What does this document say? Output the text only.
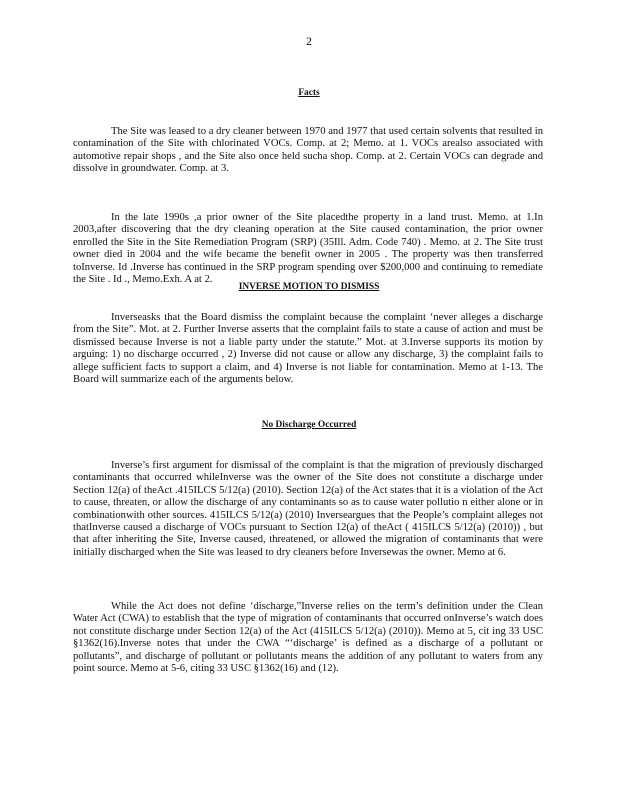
2

Facts

The Site was leased to a dry cleaner between 1970 and 1977 that used certain solvents that resulted in contamination of the Site with chlorinated VOCs. Comp. at 2; Memo. at 1. VOCs arealso associated with automotive repair shops , and the Site also once held sucha shop. Comp. at 2. Certain VOCs can degrade and dissolve in groundwater. Comp. at 3.

In the late 1990s ,a prior owner of the Site placedthe property in a land trust. Memo. at 1.In 2003,after discovering that the dry cleaning operation at the Site caused contamination, the prior owner enrolled the Site in the Site Remediation Program (SRP) (35Ill. Adm. Code 740) . Memo. at 2. The Site trust owner died in 2004 and the wife became the benefit owner in 2005 . The property was then transferred toInverse. Id .Inverse has continued in the SRP program spending over $200,000 and continuing to remediate the Site . Id ., Memo.Exh. A at 2.

INVERSE MOTION TO DISMISS

Inverseasks that the Board dismiss the complaint because the complaint ‘never alleges a discharge from the Site”. Mot. at 2. Further Inverse asserts that the complaint fails to state a cause of action and must be dismissed because Inverse is not a liable party under the statute.” Mot. at 3.Inverse supports its motion by arguing: 1) no discharge occurred , 2) Inverse did not cause or allow any discharge, 3) the complaint fails to allege sufficient facts to support a claim, and 4) Inverse is not liable for contamination. Memo at 1-13. The Board will summarize each of the arguments below.

No Discharge Occurred

Inverse’s first argument for dismissal of the complaint is that the migration of previously discharged contaminants that occurred whileInverse was the owner of the Site does not constitute a discharge under Section 12(a) of theAct .415ILCS 5/12(a) (2010). Section 12(a) of the Act states that it is a violation of the Act to cause, threaten, or allow the discharge of any contaminants so as to cause water pollutio n either alone or in combinationwith other sources. 415ILCS 5/12(a) (2010) Inverseargues that the People’s complaint alleges not thatInverse caused a discharge of VOCs pursuant to Section 12(a) of theAct ( 415ILCS 5/12(a) (2010)) , but that after inheriting the Site, Inverse caused, threatened, or allowed the migration of contaminants that were initially discharged when the Site was leased to dry cleaners before Inversewas the owner. Memo at 6.

While the Act does not define ‘discharge,”Inverse relies on the term’s definition under the Clean Water Act (CWA) to establish that the type of migration of contaminants that occurred onInverse’s watch does not constitute discharge under Section 12(a) of the Act (415ILCS 5/12(a) (2010)). Memo at 5, cit ing 33 USC §1362(16).Inverse notes that under the CWA “‘discharge’ is defined as a discharge of a pollutant or pollutants”, and discharge of pollutant or pollutants means the addition of any pollutant to waters from any point source. Memo at 5-6, citing 33 USC §1362(16) and (12).
